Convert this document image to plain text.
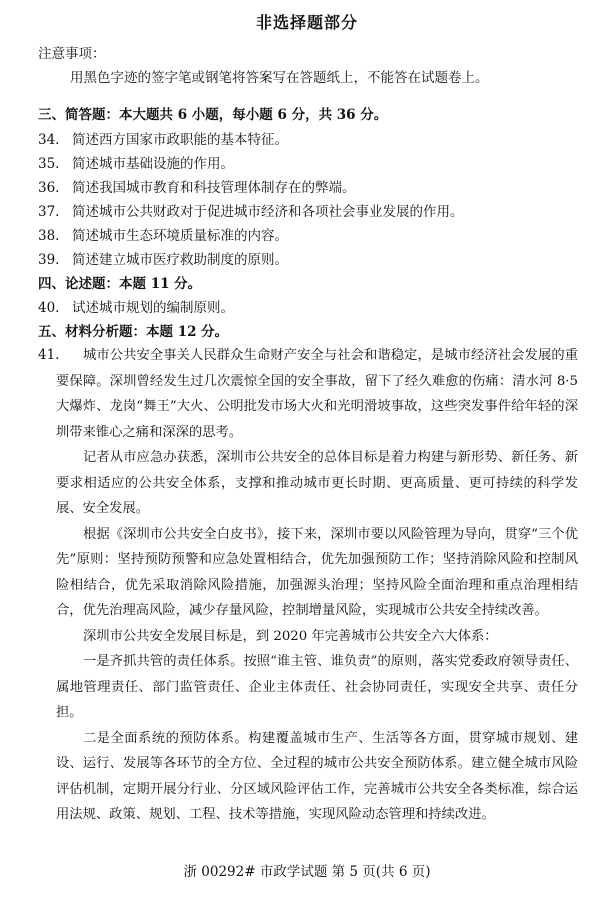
非选择题部分
注意事项：
用黑色字迹的签字笔或钢笔将答案写在答题纸上，不能答在试题卷上。
三、简答题：本大题共 6 小题，每小题 6 分，共 36 分。
34. 简述西方国家市政职能的基本特征。
35. 简述城市基础设施的作用。
36. 简述我国城市教育和科技管理体制存在的弊端。
37. 简述城市公共财政对于促进城市经济和各项社会事业发展的作用。
38. 简述城市生态环境质量标准的内容。
39. 简述建立城市医疗救助制度的原则。
四、论述题：本题 11 分。
40. 试述城市规划的编制原则。
五、材料分析题：本题 12 分。
41.	城市公共安全事关人民群众生命财产安全与社会和谐稳定，是城市经济社会发展的重要保障。深圳曾经发生过几次震惊全国的安全事故，留下了经久难愈的伤痛：清水河 8·5 大爆炸、龙岗“舞王”大火、公明批发市场大火和光明滑坡事故，这些突发事件给年轻的深圳带来锥心之痛和深深的思考。

记者从市应急办获悉，深圳市公共安全的总体目标是着力构建与新形势、新任务、新要求相适应的公共安全体系，支撑和推动城市更长时期、更高质量、更可持续的科学发展、安全发展。

根据《深圳市公共安全白皮书》，接下来，深圳市要以风险管理为导向，贯穿“三个优先”原则：坚持预防预警和应急处置相结合，优先加强预防工作；坚持消除风险和控制风险相结合，优先采取消除风险措施，加强源头治理；坚持风险全面治理和重点治理相结合，优先治理高风险，减少存量风险，控制增量风险，实现城市公共安全持续改善。

深圳市公共安全发展目标是，到 2020 年完善城市公共安全六大体系：

一是齐抓共管的责任体系。按照“谁主管、谁负责”的原则，落实党委政府领导责任、属地管理责任、部门监管责任、企业主体责任、社会协同责任，实现安全共享、责任分担。

二是全面系统的预防体系。构建覆盖城市生产、生活等各方面，贯穿城市规划、建设、运行、发展等各环节的全方位、全过程的城市公共安全预防体系。建立健全城市风险评估机制，定期开展分行业、分区域风险评估工作，完善城市公共安全各类标准，综合运用法规、政策、规划、工程、技术等措施，实现风险动态管理和持续改进。

浙 00292# 市政学试题 第 5 页(共 6 页)
